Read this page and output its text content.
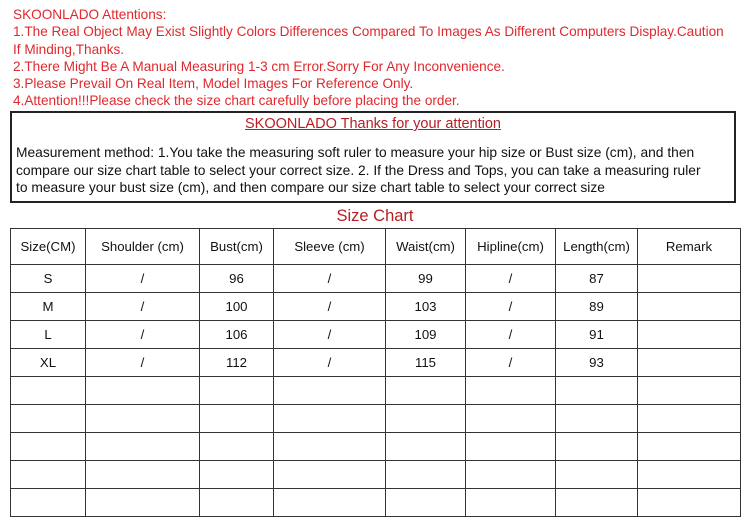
SKOONLADO Attentions:
1.The Real Object May Exist Slightly Colors Differences Compared To Images As Different Computers Display.Caution
If Minding,Thanks.
2.There Might Be A Manual Measuring 1-3 cm Error.Sorry For Any Inconvenience.
3.Please Prevail On Real Item, Model Images For Reference Only.
4.Attention!!!Please check the size chart carefully before placing the order.
SKOONLADO Thanks for your attention
Measurement method: 1.You take the measuring soft ruler to measure your hip size or Bust size (cm), and then
compare our size chart table to select your correct size. 2. If the Dress and Tops, you can take a measuring ruler
to measure your bust size (cm), and then compare our size chart table to select your correct size
Size Chart
Size(CM)	Shoulder (cm)	Bust(cm)	Sleeve (cm)	Waist(cm)	Hipline(cm)	Length(cm)	Remark
S	/	96	/	99	/	87	
M	/	100	/	103	/	89	
L	/	106	/	109	/	91	
XL	/	112	/	115	/	93	
